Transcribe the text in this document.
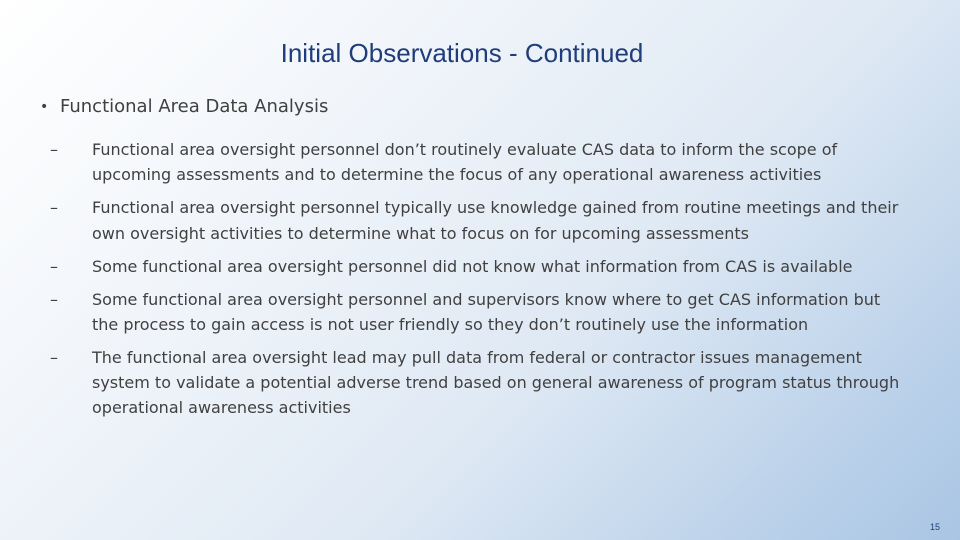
Initial Observations - Continued
• Functional Area Data Analysis
–	Functional area oversight personnel don’t routinely evaluate CAS data to inform the scope of upcoming assessments and to determine the focus of any operational awareness activities
–	Functional area oversight personnel typically use knowledge gained from routine meetings and their own oversight activities to determine what to focus on for upcoming assessments
–	Some functional area oversight personnel did not know what information from CAS is available
–	Some functional area oversight personnel and supervisors know where to get CAS information but the process to gain access is not user friendly so they don’t routinely use the information
–	The functional area oversight lead may pull data from federal or contractor issues management system to validate a potential adverse trend based on general awareness of program status through operational awareness activities
15
